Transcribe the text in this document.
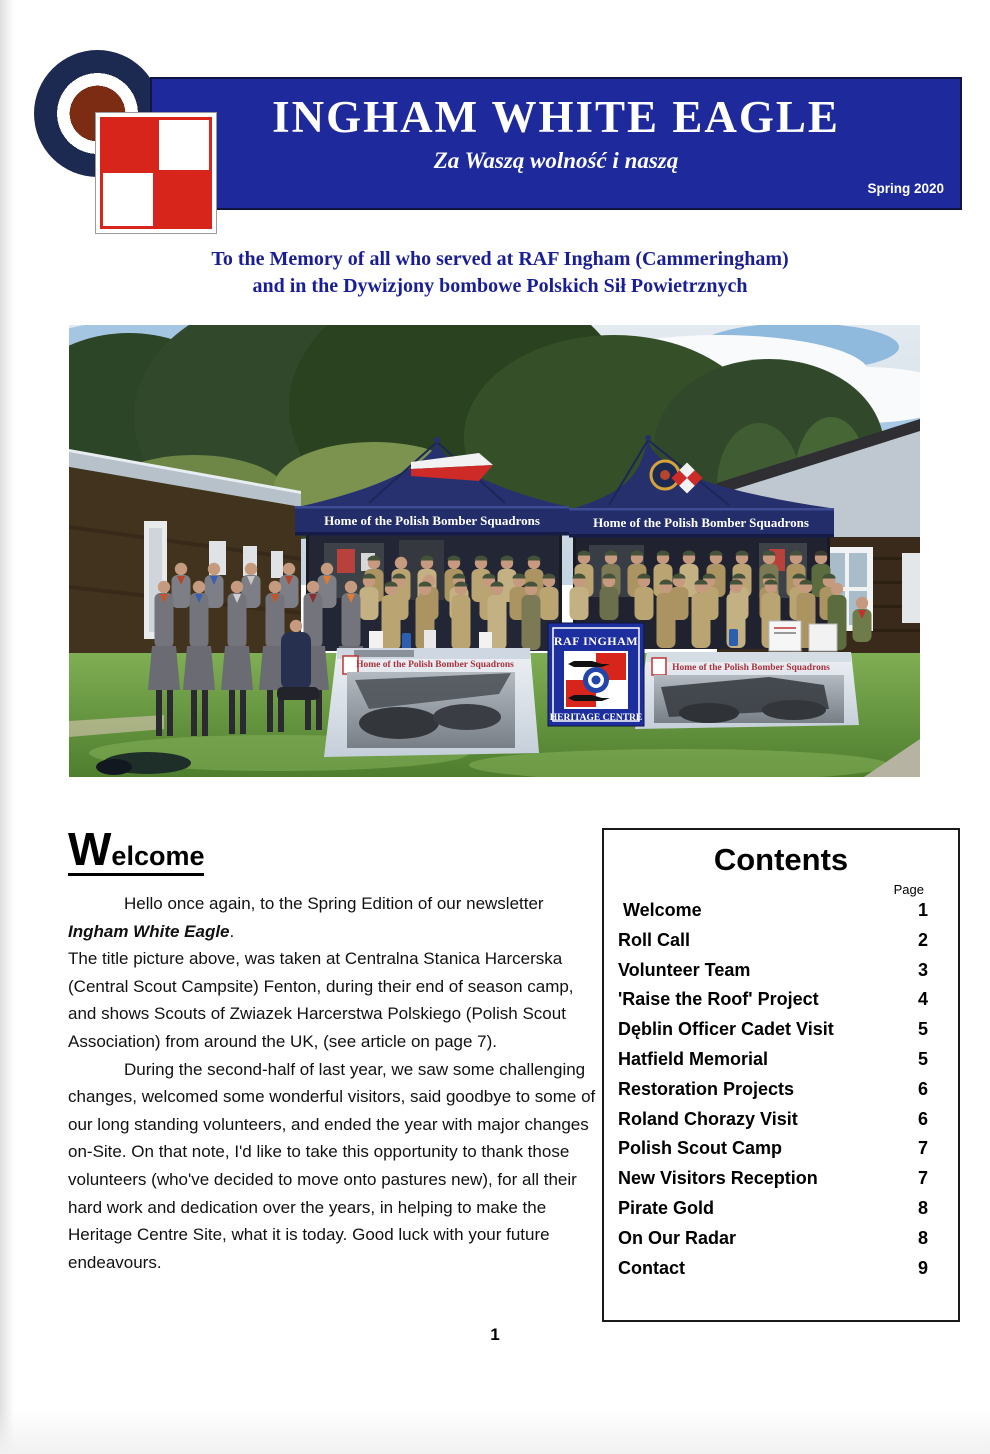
INGHAM WHITE EAGLE
Za Waszą wolność i naszą
Spring 2020
To the Memory of all who served at RAF Ingham (Cammeringham)
and in the Dywizjony bombowe Polskich Sił Powietrznych
Home of the Polish Bomber Squadrons	Home of the Polish Bomber Squadrons
Home of the Polish Bomber Squadrons	Home of the Polish Bomber Squadrons
RAF INGHAM
HERITAGE CENTRE
Welcome

Hello once again, to the Spring Edition of our newsletter Ingham White Eagle.

The title picture above, was taken at Centralna Stanica Harcerska (Central Scout Campsite) Fenton, during their end of season camp, and shows Scouts of Zwiazek Harcerstwa Polskiego (Polish Scout Association) from around the UK, (see article on page 7).

During the second-half of last year, we saw some challenging changes, welcomed some wonderful visitors, said goodbye to some of our long standing volunteers, and ended the year with major changes on-Site. On that note, I'd like to take this opportunity to thank those volunteers (who've decided to move onto pastures new), for all their hard work and dedication over the years, in helping to make the Heritage Centre Site, what it is today. Good luck with your future endeavours.

Contents
Page
Welcome	1
Roll Call	2
Volunteer Team	3
'Raise the Roof' Project	4
Dęblin Officer Cadet Visit	5
Hatfield Memorial	5
Restoration Projects	6
Roland Chorazy Visit	6
Polish Scout Camp	7
New Visitors Reception	7
Pirate Gold	8
On Our Radar	8
Contact	9
1
